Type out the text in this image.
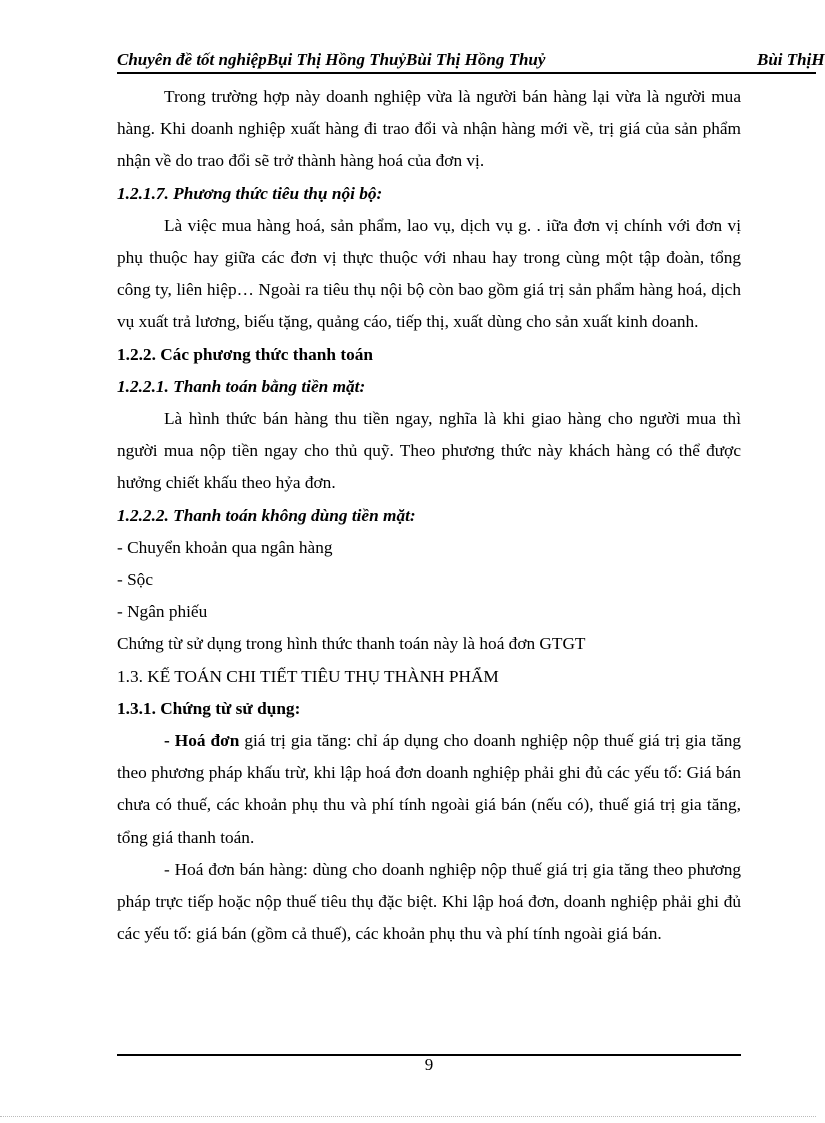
Chuyên đề tốt nghiệpBụi Thị Hồng ThuỷBùi Thị Hồng Thuỷ	Bùi ThịH

Trong trường hợp này doanh nghiệp vừa là người bán hàng lại vừa là người mua hàng. Khi doanh nghiệp xuất hàng đi trao đổi và nhận hàng mới về, trị giá của sản phẩm nhận về do trao đổi sẽ trở thành hàng hoá của đơn vị.

1.2.1.7. Phương thức tiêu thụ nội bộ:

Là việc mua hàng hoá, sản phẩm, lao vụ, dịch vụ g. . iữa đơn vị chính với đơn vị phụ thuộc hay giữa các đơn vị thực thuộc với nhau hay trong cùng một tập đoàn, tổng công ty, liên hiệp… Ngoài ra tiêu thụ nội bộ còn bao gồm giá trị sản phẩm hàng hoá, dịch vụ xuất trả lương, biếu tặng, quảng cáo, tiếp thị, xuất dùng cho sản xuất kinh doanh.

1.2.2. Các phương thức thanh toán

1.2.2.1. Thanh toán bằng tiền mặt:

Là hình thức bán hàng thu tiền ngay, nghĩa là khi giao hàng cho người mua thì người mua nộp tiền ngay cho thủ quỹ. Theo phương thức này khách hàng có thể được hưởng chiết khấu theo hỷa đơn.

1.2.2.2. Thanh toán không dùng tiền mặt:

- Chuyển khoản qua ngân hàng

- Sộc

- Ngân phiếu

Chứng từ sử dụng trong hình thức thanh toán này là hoá đơn GTGT

1.3. KẾ TOÁN CHI TIẾT TIÊU THỤ THÀNH PHẨM

1.3.1. Chứng từ sử dụng:

- Hoá đơn giá trị gia tăng: chỉ áp dụng cho doanh nghiệp nộp thuế giá trị gia tăng theo phương pháp khấu trừ, khi lập hoá đơn doanh nghiệp phải ghi đủ các yếu tố: Giá bán chưa có thuế, các khoản phụ thu và phí tính ngoài giá bán (nếu có), thuế giá trị gia tăng, tổng giá thanh toán.

- Hoá đơn bán hàng: dùng cho doanh nghiệp nộp thuế giá trị gia tăng theo phương pháp trực tiếp hoặc nộp thuế tiêu thụ đặc biệt. Khi lập hoá đơn, doanh nghiệp phải ghi đủ các yếu tố: giá bán (gồm cả thuế), các khoản phụ thu và phí tính ngoài giá bán.

9
